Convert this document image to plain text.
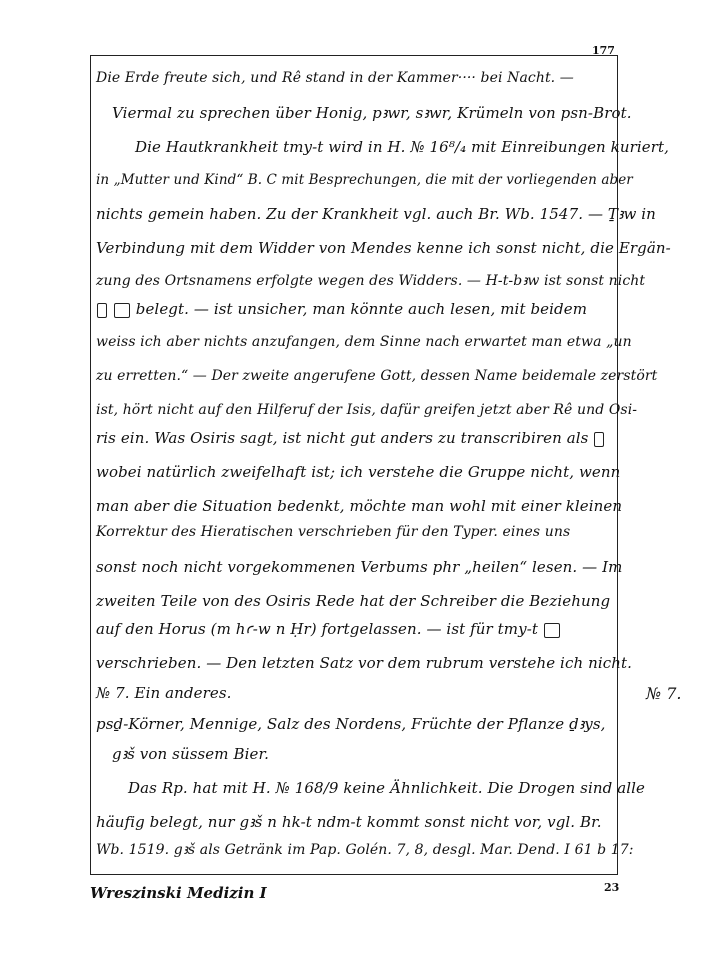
177
Die Erde freute sich, und Rê stand in der Kammer···· bei Nacht. —
Viermal zu sprechen über Honig, pꜣwr, sꜣwr, Krümeln von psn-Brot.
Die Hautkrankheit tmy-t wird in H. № 16⁸/₄ mit Einreibungen kuriert,
in „Mutter und Kind“ B. C mit Besprechungen, die mit der vorliegenden aber
nichts gemein haben. Zu der Krankheit vgl. auch Br. Wb. 1547. — Ṯꜣw in
Verbindung mit dem Widder von Mendes kenne ich sonst nicht, die Ergän-
zung des Ortsnamens erfolgte wegen des Widders. — H-t-bꜣw ist sonst nicht
belegt. — ist unsicher, man könnte auch lesen, mit beidem
weiss ich aber nichts anzufangen, dem Sinne nach erwartet man etwa „un
zu erretten.“ — Der zweite angerufene Gott, dessen Name beidemale zerstört
ist, hört nicht auf den Hilferuf der Isis, dafür greifen jetzt aber Rê und Osi-
ris ein. Was Osiris sagt, ist nicht gut anders zu transcribiren als
wobei natürlich zweifelhaft ist; ich verstehe die Gruppe nicht, wenn
man aber die Situation bedenkt, möchte man wohl mit einer kleinen
Korrektur des Hieratischen verschrieben für den Typer. eines uns
sonst noch nicht vorgekommenen Verbums phr „heilen“ lesen. — Im
zweiten Teile von des Osiris Rede hat der Schreiber die Beziehung
auf den Horus (m hꜥ-w n Ḥr) fortgelassen. — ist für tmy-t
verschrieben. — Den letzten Satz vor dem rubrum verstehe ich nicht.
№ 7. Ein anderes.	№ 7.
psḏ-Körner, Mennige, Salz des Nordens, Früchte der Pflanze ḏꜣys,
gꜣš von süssem Bier.
Das Rp. hat mit H. № 168/9 keine Ähnlichkeit. Die Drogen sind alle
häufig belegt, nur gꜣš n hk-t ndm-t kommt sonst nicht vor, vgl. Br.
Wb. 1519. gꜣš als Getränk im Pap. Golén. 7, 8, desgl. Mar. Dend. I 61 b 17:
Wreszinski Medizin I	23
